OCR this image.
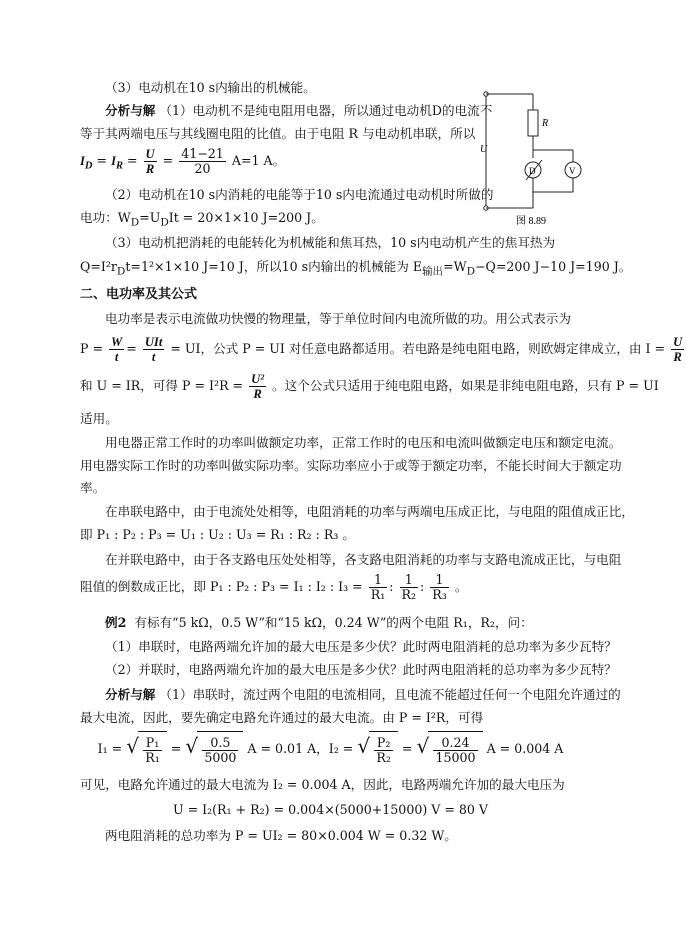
U
R
D	V
图 8.89
（3）电动机在10 s内输出的机械能。
分析与解 （1）电动机不是纯电阻用电器，所以通过电动机D的电流不
等于其两端电压与其线圈电阻的比值。由于电阻 R 与电动机串联，所以
$I_D = I_R = \frac{U}{R} = \frac{41-21}{20} A=1$ A。
（2）电动机在10 s内消耗的电能等于10 s内电流通过电动机时所做的
电功：$W_D=U_DIt = 20\times 1\times 10$ J=200 J。
（3）电动机把消耗的电能转化为机械能和焦耳热，10 s内电动机产生的焦耳热为
$Q=I^2r_Dt=1^2\times 1\times 10$ J=10 J，所以10 s内输出的机械能为 $E_{输出}=W_D-Q=200$ J−10 J=190 J。
二、电功率及其公式
电功率是表示电流做功快慢的物理量，等于单位时间内电流所做的功。用公式表示为
$P = \frac{W}{t} = \frac{\text{UIt}}{t}$ = UI，公式 P = UI 对任意电路都适用。若电路是纯电阻电路，则欧姆定律成立，由 $I = \frac{U}{R}$
和 U = IR，可得 $P = I^2R = \frac{\text{U²}}{R}$ 。这个公式只适用于纯电阻电路，如果是非纯电阻电路，只有 P = UI
适用。
用电器正常工作时的功率叫做额定功率，正常工作时的电压和电流叫做额定电压和额定电流。
用电器实际工作时的功率叫做实际功率。实际功率应小于或等于额定功率，不能长时间大于额定功
率。
在串联电路中，由于电流处处相等，电阻消耗的功率与两端电压成正比，与电阻的阻值成正比，
即 P₁ : P₂ : P₃ = U₁ : U₂ : U₃ = R₁ : R₂ : R₃ 。
在并联电路中，由于各支路电压处处相等，各支路电阻消耗的功率与支路电流成正比，与电阻
阻值的倒数成正比，即 P₁ : P₂ : P₃ = I₁ : I₂ : $I_3 = \frac{1}{\text{R₁}}$ : $\frac{1}{\text{R₂}}$ : $\frac{1}{\text{R₃}}$ 。
例2 有标有“5 kΩ，0.5 W”和“15 kΩ，0.24 W”的两个电阻 R₁，R₂，问：
（1）串联时，电路两端允许加的最大电压是多少伏？此时两电阻消耗的总功率为多少瓦特？
（2）并联时，电路两端允许加的最大电压是多少伏？此时两电阻消耗的总功率为多少瓦特？
分析与解 （1）串联时，流过两个电阻的电流相同，且电流不能超过任何一个电阻允许通过的
最大电流，因此，要先确定电路允许通过的最大电流。由 P = I²R，可得
I₁ = √ $\frac{\text{P₁}}{\text{R₁}}$ = √ $\frac{0.5}{5000}$ A = 0.01 A，I₂ = √ $\frac{\text{P₂}}{\text{R₂}}$ = √ $\frac{0.24}{15000}$ A = 0.004 A
可见，电路允许通过的最大电流为 I₂ = 0.004 A，因此，电路两端允许加的最大电压为
U = I₂(R₁ + R₂) = 0.004×(5000+15000) V = 80 V
两电阻消耗的总功率为 P = UI₂ = 80×0.004 W = 0.32 W。
